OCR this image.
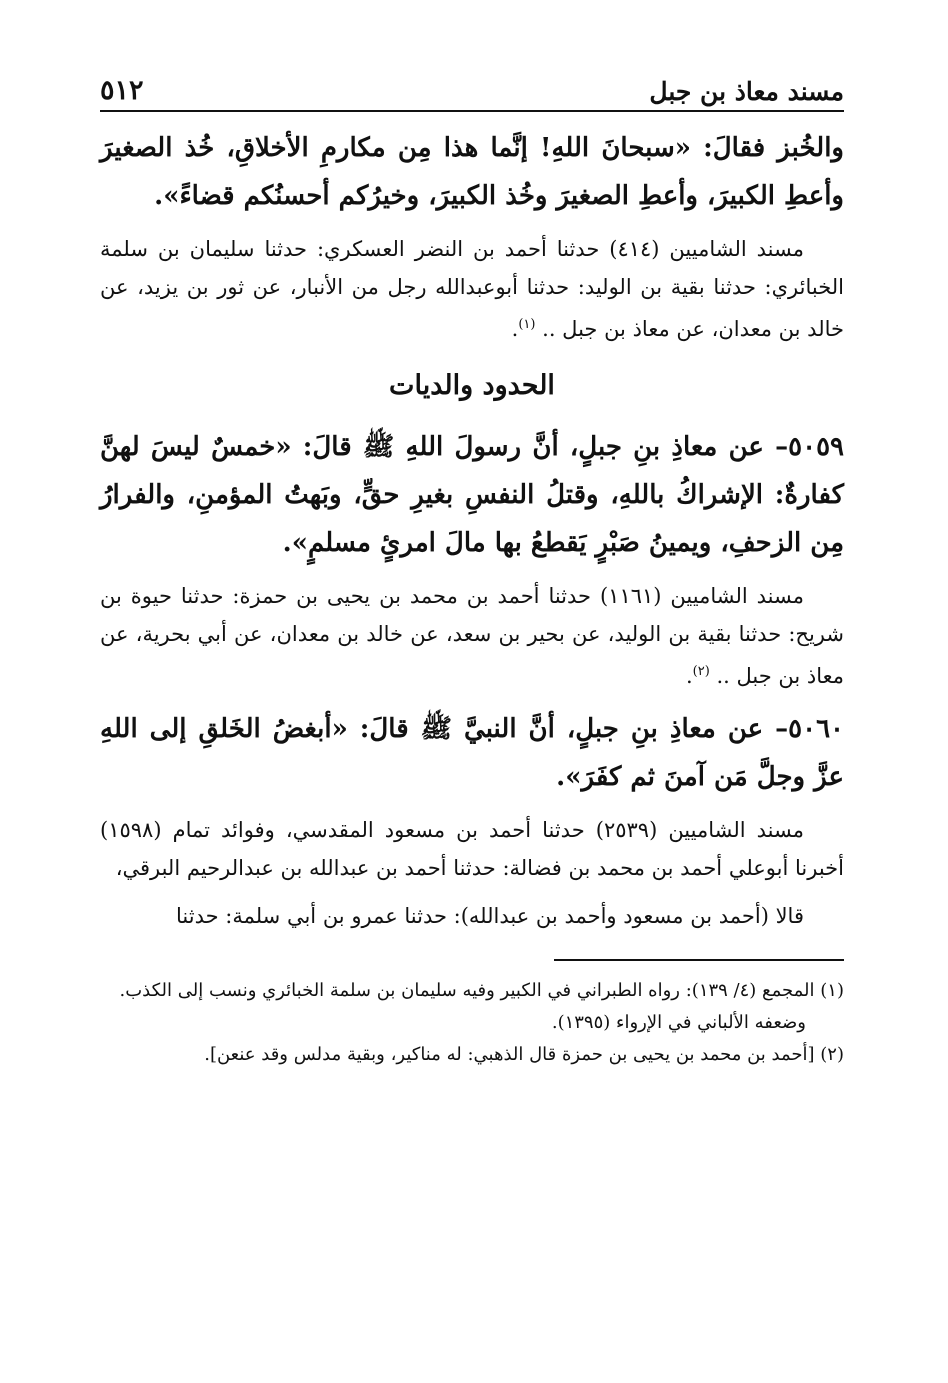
مسند معاذ بن جبل
٥١٢

والخُبز فقالَ: «سبحانَ اللهِ! إنَّما هذا مِن مكارمِ الأخلاقِ، خُذ الصغيرَ وأعطِ الكبيرَ، وأعطِ الصغيرَ وخُذ الكبيرَ، وخيرُكم أحسنُكم قضاءً».

مسند الشاميين (٤١٤) حدثنا أحمد بن النضر العسكري: حدثنا سليمان بن سلمة الخبائري: حدثنا بقية بن الوليد: حدثنا أبوعبدالله رجل من الأنبار، عن ثور بن يزيد، عن خالد بن معدان، عن معاذ بن جبل .. $^{(١)}$.

الحدود والديات

٥٠٥٩– عن معاذِ بنِ جبلٍ، أنَّ رسولَ اللهِ ﷺ قالَ: «خمسٌ ليسَ لهنَّ كفارةٌ: الإشراكُ باللهِ، وقتلُ النفسِ بغيرِ حقٍّ، وبَهتُ المؤمنِ، والفرارُ مِن الزحفِ، ويمينُ صَبْرٍ يَقطعُ بها مالَ امرئٍ مسلمٍ».

مسند الشاميين (١١٦١) حدثنا أحمد بن محمد بن يحيى بن حمزة: حدثنا حيوة بن شريح: حدثنا بقية بن الوليد، عن بحير بن سعد، عن خالد بن معدان، عن أبي بحرية، عن معاذ بن جبل .. $^{(٢)}$.

٥٠٦٠– عن معاذِ بنِ جبلٍ، أنَّ النبيَّ ﷺ قالَ: «أبغضُ الخَلقِ إلى اللهِ عزَّ وجلَّ مَن آمنَ ثم كفَرَ».

مسند الشاميين (٢٥٣٩) حدثنا أحمد بن مسعود المقدسي، وفوائد تمام (١٥٩٨) أخبرنا أبوعلي أحمد بن محمد بن فضالة: حدثنا أحمد بن عبدالله بن عبدالرحيم البرقي،

قالا (أحمد بن مسعود وأحمد بن عبدالله): حدثنا عمرو بن أبي سلمة: حدثنا

(١) المجمع (٤/ ١٣٩): رواه الطبراني في الكبير وفيه سليمان بن سلمة الخبائري ونسب إلى الكذب.

وضعفه الألباني في الإرواء (١٣٩٥).

(٢) [أحمد بن محمد بن يحيى بن حمزة قال الذهبي: له مناكير، وبقية مدلس وقد عنعن].
